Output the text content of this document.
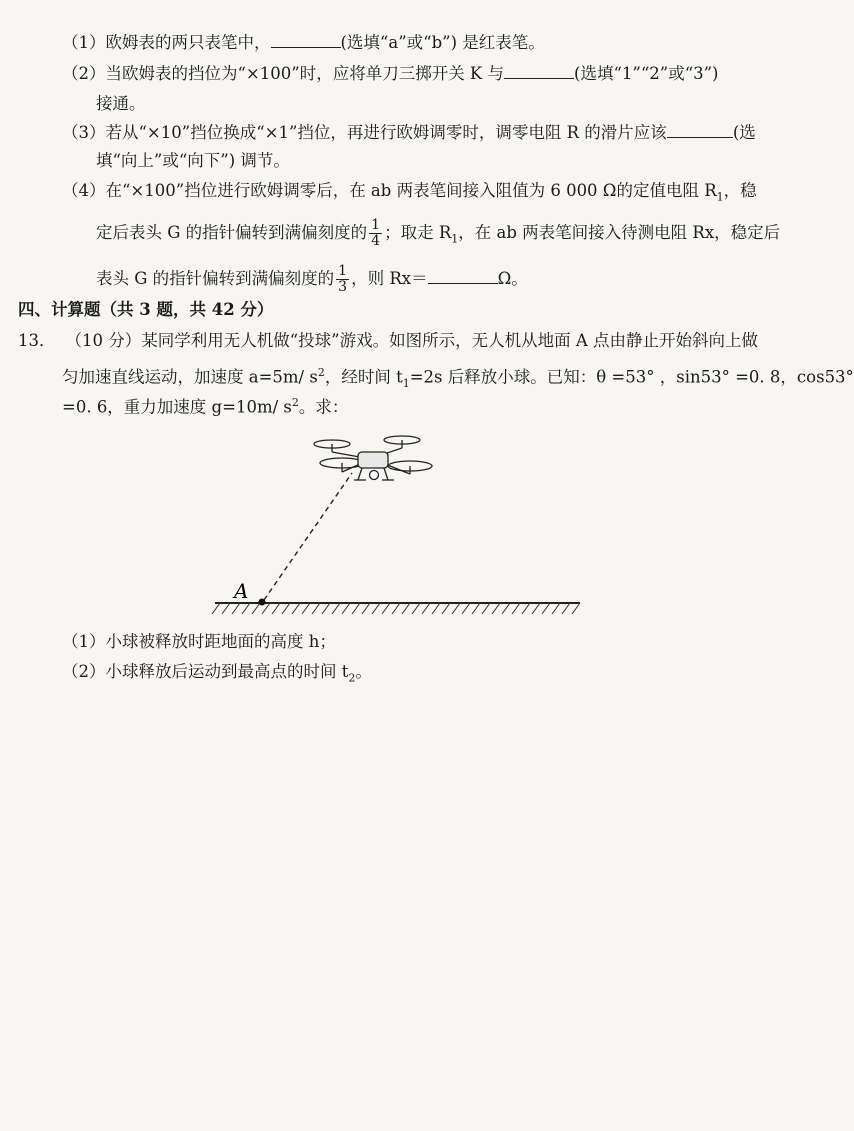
（1）欧姆表的两只表笔中，	(选填“a”或“b”) 是红表笔。
（2）当欧姆表的挡位为“×100”时，应将单刀三掷开关 K 与	(选填“1”“2”或“3”)
接通。
（3）若从“×10”挡位换成“×1”挡位，再进行欧姆调零时，调零电阻 R 的滑片应该	(选
填“向上”或“向下”) 调节。
（4）在“×100”挡位进行欧姆调零后，在 ab 两表笔间接入阻值为 6 000 Ω的定值电阻 $R_1$，稳
定后表头 G 的指针偏转到满偏刻度的 $\frac{1}{4}$ ；取走 $R_1$，在 ab 两表笔间接入待测电阻 Rx，稳定后
表头 G 的指针偏转到满偏刻度的 $\frac{1}{3}$ ，则 Rx＝	Ω。
四、计算题（共 3 题，共 42 分）
13． （10 分）某同学利用无人机做“投球”游戏。如图所示，无人机从地面 A 点由静止开始斜向上做
匀加速直线运动，加速度 a=5m/ $s^2$，经时间 $t_1=2s$ 后释放小球。已知：θ =53° ，sin53° =0. 8，cos53°
=0. 6，重力加速度 g=10m/ $s^2$。求：
A
（1）小球被释放时距地面的高度 h；
（2）小球释放后运动到最高点的时间 $t_2$。
